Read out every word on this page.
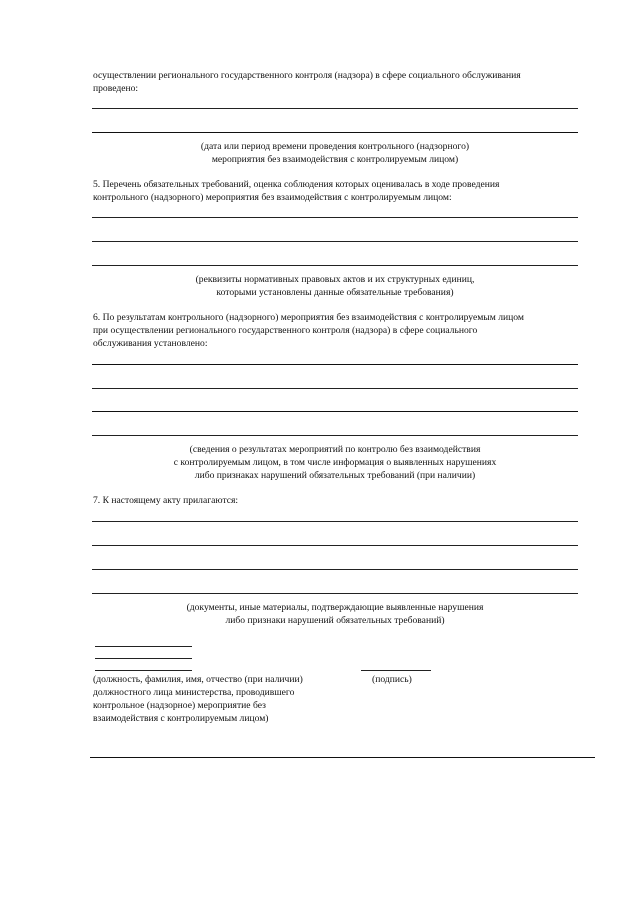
осуществлении регионального государственного контроля (надзора) в сфере социального обслуживания
проведено:
(дата или период времени проведения контрольного (надзорного)
мероприятия без взаимодействия с контролируемым лицом)
5. Перечень обязательных требований, оценка соблюдения которых оценивалась в ходе проведения
контрольного (надзорного) мероприятия без взаимодействия с контролируемым лицом:
(реквизиты нормативных правовых актов и их структурных единиц,
которыми установлены данные обязательные требования)
6. По результатам контрольного (надзорного) мероприятия без взаимодействия с контролируемым лицом
при осуществлении регионального государственного контроля (надзора) в сфере социального
обслуживания установлено:
(сведения о результатах мероприятий по контролю без взаимодействия
с контролируемым лицом, в том числе информация о выявленных нарушениях
либо признаках нарушений обязательных требований (при наличии)
7. К настоящему акту прилагаются:
(документы, иные материалы, подтверждающие выявленные нарушения
либо признаки нарушений обязательных требований)
(должность, фамилия, имя, отчество (при наличии)
должностного лица министерства, проводившего
контрольное (надзорное) мероприятие без
взаимодействия с контролируемым лицом)
(подпись)
